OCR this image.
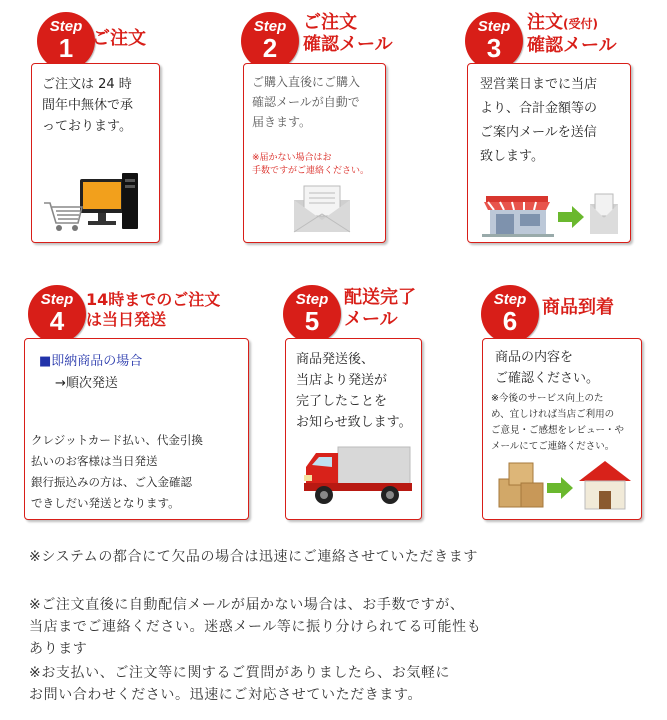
Step
1	ご注文
ご注文は 24 時
間年中無休で承
っております。
Step
2
ご注文
確認メール
ご購入直後にご購入
確認メールが自動で
届きます。
※届かない場合はお
手数ですがご連絡ください。
Step
3
注文(受付)
確認メール
翌営業日までに当店
より、合計金額等の
ご案内メールを送信
致します。
Step
4
14時までのご注文
は当日発送
■即納商品の場合
→順次発送
クレジットカード払い、代金引換
払いのお客様は当日発送
銀行振込みの方は、ご入金確認
できしだい発送となります。
Step
5
配送完了
メール
商品発送後、
当店より発送が
完了したことを
お知らせ致します。
Step
6	商品到着
商品の内容を
ご確認ください。
※今後のサービス向上のた
め、宜しければ当店ご利用の
ご意見・ご感想をレビュー・や
メールにてご連絡ください。
※システムの都合にて欠品の場合は迅速にご連絡させていただきます
※ご注文直後に自動配信メールが届かない場合は、お手数ですが、
当店までご連絡ください。迷惑メール等に振り分けられてる可能性も
あります
※お支払い、ご注文等に関するご質問がありましたら、お気軽に
お問い合わせください。迅速にご対応させていただきます。
